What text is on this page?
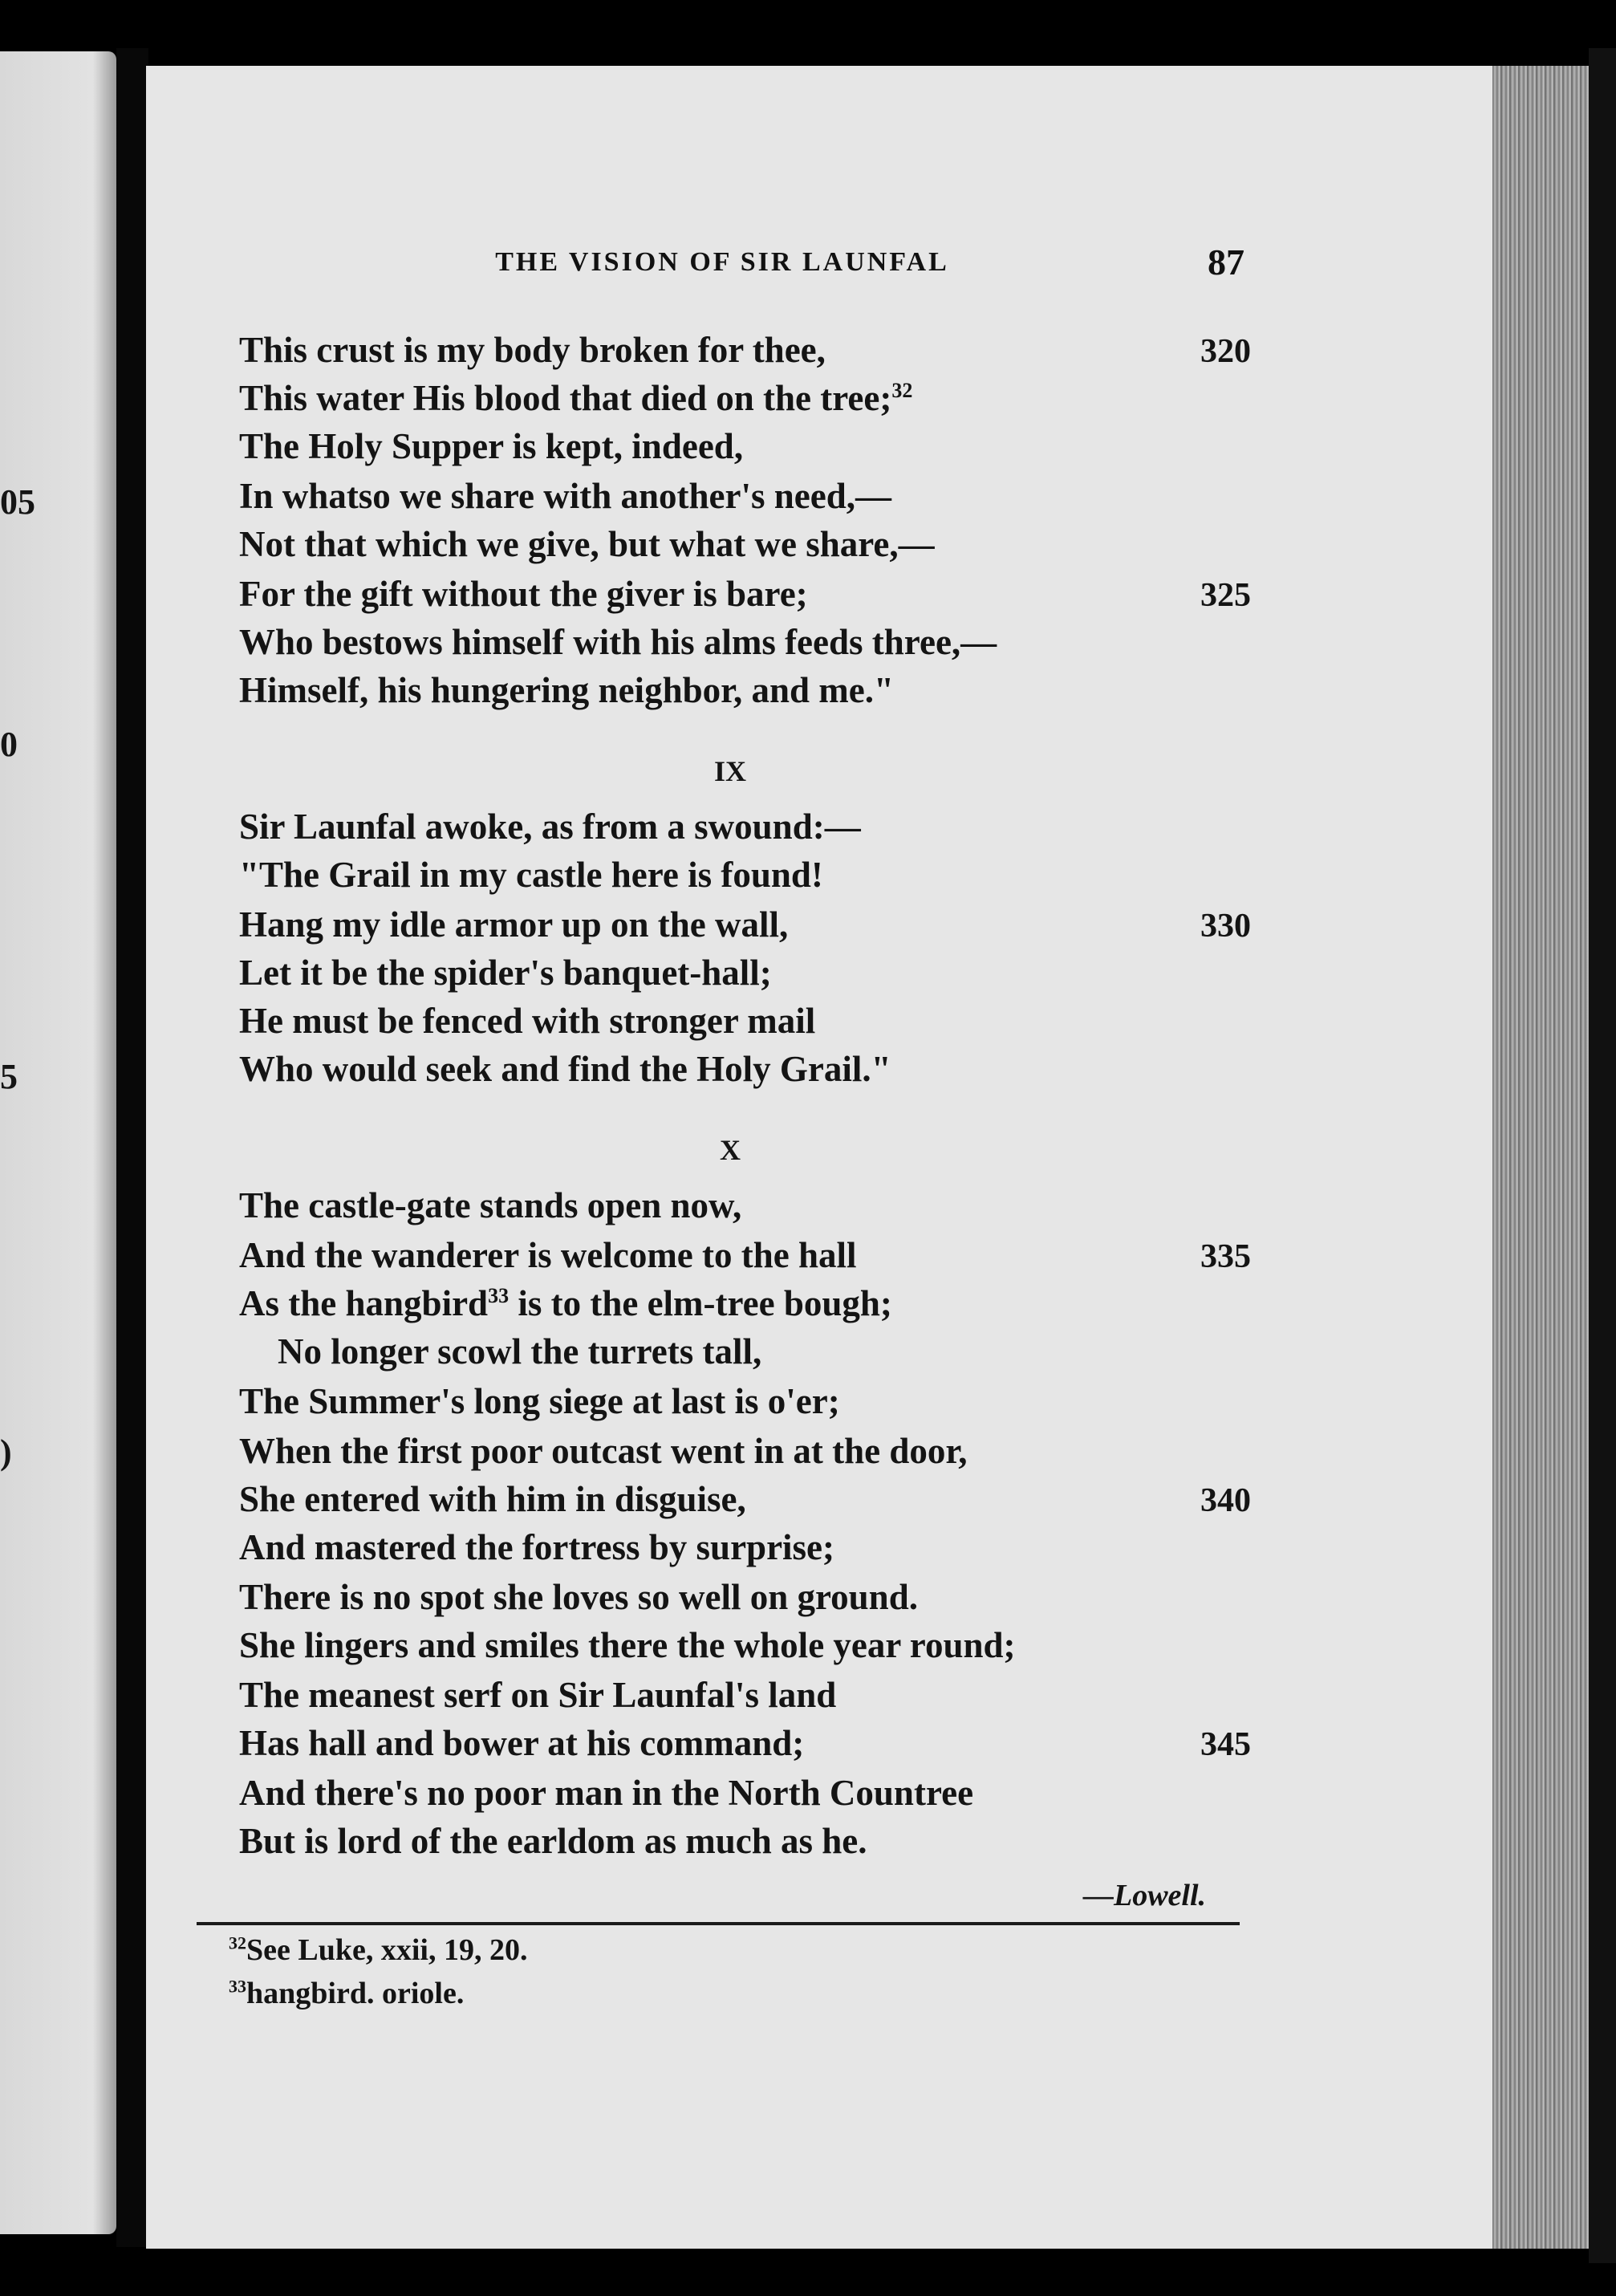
05
0
5
)
THE VISION OF SIR LAUNFAL	87
This crust is my body broken for thee,	320
This water His blood that died on the tree;$^{32}$
The Holy Supper is kept, indeed,
In whatso we share with another's need,—
Not that which we give, but what we share,—
For the gift without the giver is bare;	325
Who bestows himself with his alms feeds three,—
Himself, his hungering neighbor, and me."
IX
Sir Launfal awoke, as from a swound:—
"The Grail in my castle here is found!
Hang my idle armor up on the wall,	330
Let it be the spider's banquet-hall;
He must be fenced with stronger mail
Who would seek and find the Holy Grail."
X
The castle-gate stands open now,
And the wanderer is welcome to the hall	335
As the hangbird$^{33}$ is to the elm-tree bough;
No longer scowl the turrets tall,
The Summer's long siege at last is o'er;
When the first poor outcast went in at the door,
She entered with him in disguise,	340
And mastered the fortress by surprise;
There is no spot she loves so well on ground.
She lingers and smiles there the whole year round;
The meanest serf on Sir Launfal's land
Has hall and bower at his command;	345
And there's no poor man in the North Countree
But is lord of the earldom as much as he.
—Lowell.
$^{32}$See Luke, xxii, 19, 20.
$^{33}$hangbird. oriole.
